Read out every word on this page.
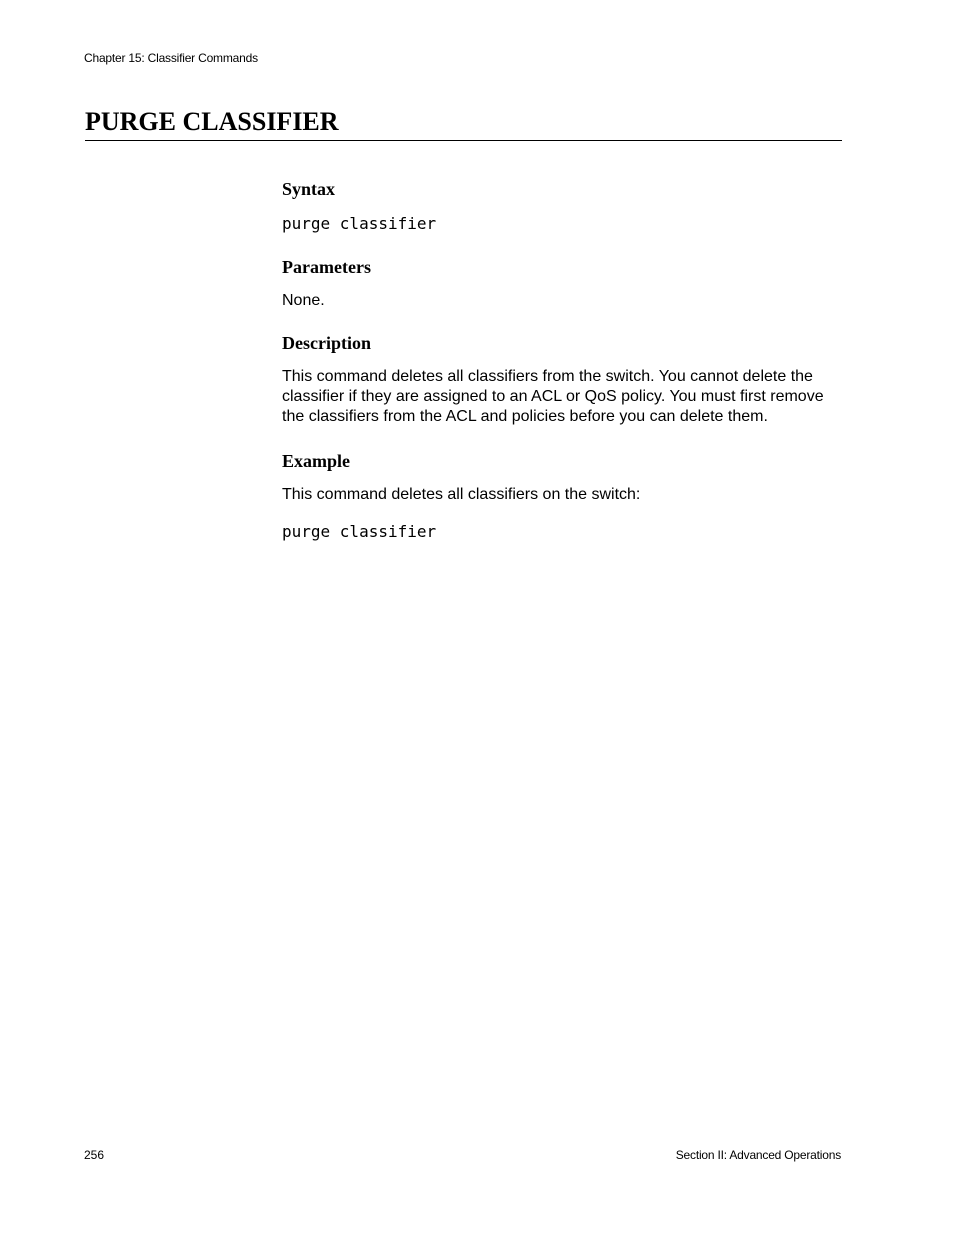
Chapter 15: Classifier Commands
PURGE CLASSIFIER
Syntax
purge classifier
Parameters

None.

Description

This command deletes all classifiers from the switch. You cannot delete the classifier if they are assigned to an ACL or QoS policy. You must first remove the classifiers from the ACL and policies before you can delete them.

Example

This command deletes all classifiers on the switch:

purge classifier
256	Section II: Advanced Operations
